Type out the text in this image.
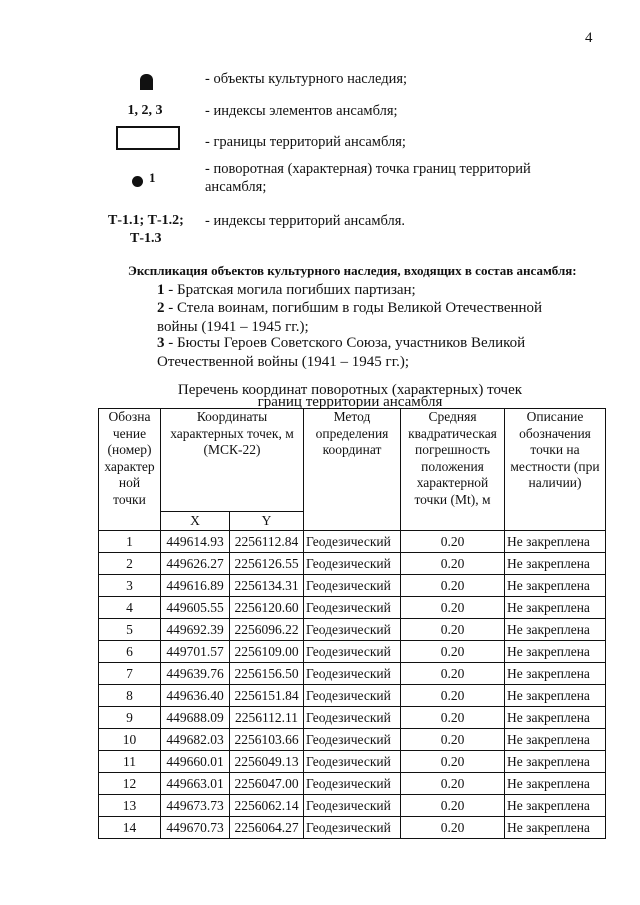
4
- объекты культурного наследия;
1, 2, 3	- индексы элементов ансамбля;
- границы территорий ансамбля;
1
- поворотная (характерная) точка границ территорий ансамбля;
Т-1.1; Т-1.2;
Т-1.3
- индексы территорий ансамбля.
Экспликация объектов культурного наследия, входящих в состав ансамбля:
1 - Братская могила погибших партизан;
2 - Стела воинам, погибшим в годы Великой Отечественной войны (1941 – 1945 гг.);
3 - Бюсты Героев Советского Союза, участников Великой Отечественной войны (1941 – 1945 гг.);
Перечень координат поворотных (характерных) точек
границ территории ансамбля
Обозна чение (номер) характер ной точки	Координаты характерных точек, м (МСК-22)		Метод определения координат	Средняя квадратическая погрешность положения характерной точки (Mt), м	Описание обозначения точки на местности (при наличии)
	X	Y			
1	449614.93	2256112.84	Геодезический	0.20	Не закреплена
2	449626.27	2256126.55	Геодезический	0.20	Не закреплена
3	449616.89	2256134.31	Геодезический	0.20	Не закреплена
4	449605.55	2256120.60	Геодезический	0.20	Не закреплена
5	449692.39	2256096.22	Геодезический	0.20	Не закреплена
6	449701.57	2256109.00	Геодезический	0.20	Не закреплена
7	449639.76	2256156.50	Геодезический	0.20	Не закреплена
8	449636.40	2256151.84	Геодезический	0.20	Не закреплена
9	449688.09	2256112.11	Геодезический	0.20	Не закреплена
10	449682.03	2256103.66	Геодезический	0.20	Не закреплена
11	449660.01	2256049.13	Геодезический	0.20	Не закреплена
12	449663.01	2256047.00	Геодезический	0.20	Не закреплена
13	449673.73	2256062.14	Геодезический	0.20	Не закреплена
14	449670.73	2256064.27	Геодезический	0.20	Не закреплена
